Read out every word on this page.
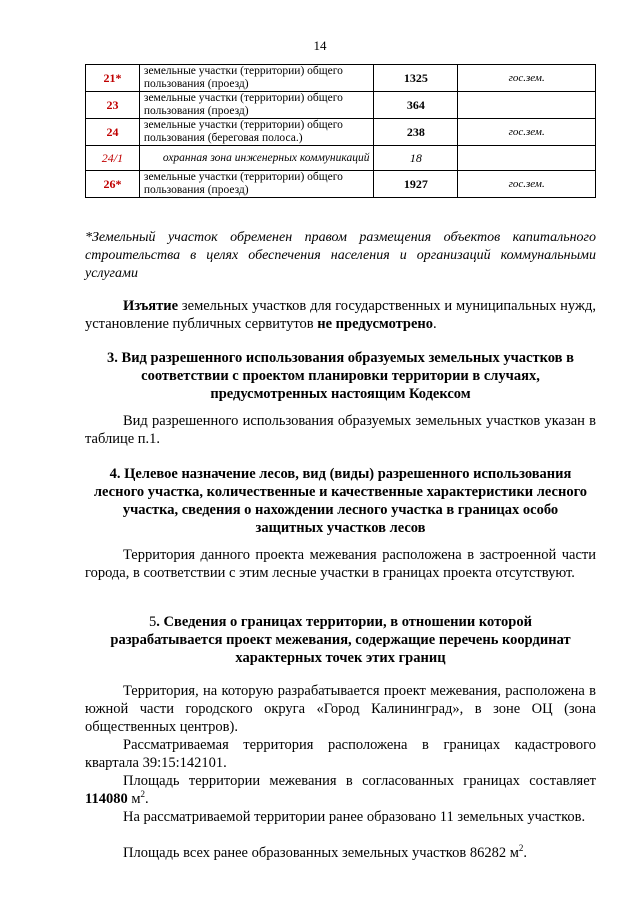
14
21*	земельные участки (территории) общего пользования (проезд)	1325	гос.зем.
23	земельные участки (территории) общего пользования (проезд)	364	
24	земельные участки (территории) общего пользования (береговая полоса.)	238	гос.зем.
24/1	охранная зона инженерных коммуникаций	18	
26*	земельные участки (территории) общего пользования (проезд)	1927	гос.зем.
*Земельный участок обременен правом размещения объектов капитального строительства в целях обеспечения населения и организаций коммунальными услугами
Изъятие земельных участков для государственных и муниципальных нужд, установление публичных сервитутов не предусмотрено.
3. Вид разрешенного использования образуемых земельных участков в соответствии с проектом планировки территории в случаях, предусмотренных настоящим Кодексом
Вид разрешенного использования образуемых земельных участков указан в таблице п.1.
4. Целевое назначение лесов, вид (виды) разрешенного использования лесного участка, количественные и качественные характеристики лесного участка, сведения о нахождении лесного участка в границах особо защитных участков лесов
Территория данного проекта межевания расположена в застроенной части города, в соответствии с этим лесные участки в границах проекта отсутствуют.
5. Сведения о границах территории, в отношении которой разрабатывается проект межевания, содержащие перечень координат характерных точек этих границ
Территория, на которую разрабатывается проект межевания, расположена в южной части городского округа «Город Калининград», в зоне ОЦ (зона общественных центров).
Рассматриваемая территория расположена в границах кадастрового квартала 39:15:142101.
Площадь территории межевания в согласованных границах составляет 114080 $м^2$.
На рассматриваемой территории ранее образовано 11 земельных участков.
Площадь всех ранее образованных земельных участков 86282 $м^2$.
